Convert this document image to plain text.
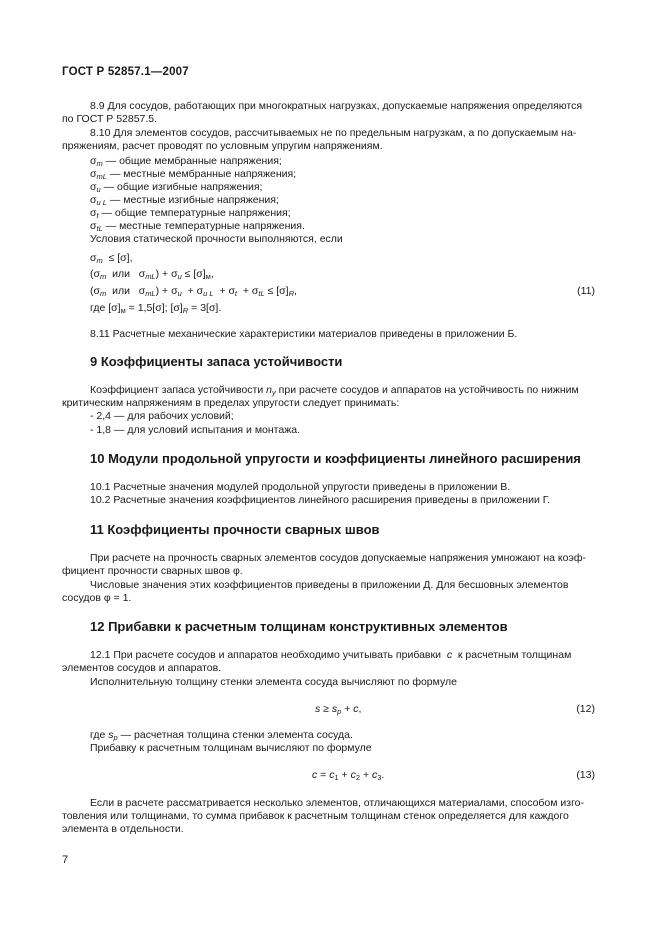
ГОСТ Р 52857.1—2007
8.9 Для сосудов, работающих при многократных нагрузках, допускаемые напряжения определяются
по ГОСТ Р 52857.5.
8.10 Для элементов сосудов, рассчитываемых не по предельным нагрузкам, а по допускаемым на-
пряжениям, расчет проводят по условным упругим напряжениям.
$\sigma_m$ — общие мембранные напряжения;
$\sigma_{mL}$ — местные мембранные напряжения;
$\sigma_и$ — общие изгибные напряжения;
$\sigma_{и L}$ — местные изгибные напряжения;
$\sigma_t$ — общие температурные напряжения;
$\sigma_{tL}$ — местные температурные напряжения.
Условия статической прочности выполняются, если
$\sigma_m \le [\sigma]$,
($\sigma_m$ или $\sigma_{mL}) + \sigma_и \le [\sigma]_м$,
($\sigma_m$ или $\sigma_{mL}) + \sigma_и + \sigma_{и L} + \sigma_t + \sigma_{tL} \le [\sigma]_R$,	(11)
где $[\sigma]_м = 1,5[\sigma]$; $[\sigma]_R = 3[\sigma]$.
8.11 Расчетные механические характеристики материалов приведены в приложении Б.
9 Коэффициенты запаса устойчивости
Коэффициент запаса устойчивости $n_y$ при расчете сосудов и аппаратов на устойчивость по нижним
критическим напряжениям в пределах упругости следует принимать:
- 2,4 — для рабочих условий;
- 1,8 — для условий испытания и монтажа.
10 Модули продольной упругости и коэффициенты линейного расширения
10.1 Расчетные значения модулей продольной упругости приведены в приложении В.
10.2 Расчетные значения коэффициентов линейного расширения приведены в приложении Г.
11 Коэффициенты прочности сварных швов
При расчете на прочность сварных элементов сосудов допускаемые напряжения умножают на коэф-
фициент прочности сварных швов φ.
Числовые значения этих коэффициентов приведены в приложении Д. Для бесшовных элементов
сосудов φ = 1.
12 Прибавки к расчетным толщинам конструктивных элементов
12.1 При расчете сосудов и аппаратов необходимо учитывать прибавки c к расчетным толщинам
элементов сосудов и аппаратов.
Исполнительную толщину стенки элемента сосуда вычисляют по формуле
$s \ge s_p + c$,	(12)
где $s_p$ — расчетная толщина стенки элемента сосуда.
Прибавку к расчетным толщинам вычисляют по формуле
$c = c_1 + c_2 + c_3$.	(13)
Если в расчете рассматривается несколько элементов, отличающихся материалами, способом изго-
товления или толщинами, то сумма прибавок к расчетным толщинам стенок определяется для каждого
элемента в отдельности.
7
